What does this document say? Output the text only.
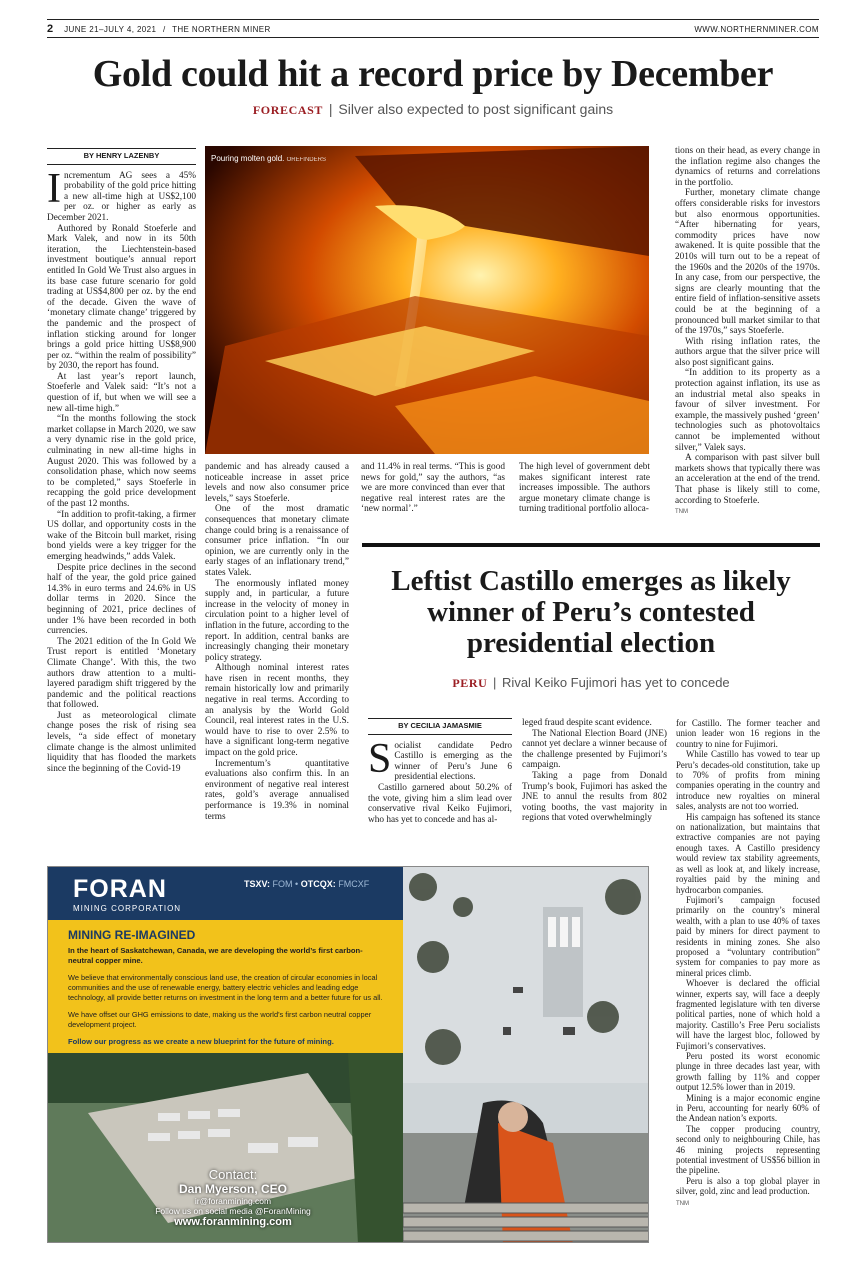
2 JUNE 21–JULY 4, 2021 / THE NORTHERN MINER	WWW.NORTHERNMINER.COM
Gold could hit a record price by December
FORECAST | Silver also expected to post significant gains
BY HENRY LAZENBY
I ncrementum AG sees a 45% probability of the gold price hitting a new all-time high at US$2,100 per oz. or higher as early as December 2021.

Authored by Ronald Stoeferle and Mark Valek, and now in its 50th iteration, the Liechtenstein-based investment boutique’s annual report entitled In Gold We Trust also argues in its base case future scenario for gold trading at US$4,800 per oz. by the end of the decade. Given the wave of ‘monetary climate change’ triggered by the pandemic and the prospect of inflation sticking around for longer brings a gold price hitting US$8,900 per oz. “within the realm of possibility” by 2030, the report has found.

At last year’s report launch, Stoeferle and Valek said: “It’s not a question of if, but when we will see a new all-time high.”

“In the months following the stock market collapse in March 2020, we saw a very dynamic rise in the gold price, culminating in new all-time highs in August 2020. This was followed by a consolidation phase, which now seems to be completed,” says Stoeferle in recapping the gold price development of the past 12 months.

“In addition to profit-taking, a firmer US dollar, and opportunity costs in the wake of the Bitcoin bull market, rising bond yields were a key trigger for the emerging headwinds,” adds Valek.

Despite price declines in the second half of the year, the gold price gained 14.3% in euro terms and 24.6% in US dollar terms in 2020. Since the beginning of 2021, price declines of under 1% have been recorded in both currencies.

The 2021 edition of the In Gold We Trust report is entitled ‘Monetary Climate Change’. With this, the two authors draw attention to a multi-layered paradigm shift triggered by the pandemic and the political reactions that followed.

Just as meteorological climate change poses the risk of rising sea levels, “a side effect of monetary climate change is the almost unlimited liquidity that has flooded the markets since the beginning of the Covid-19

Pouring molten gold. OREFINDERS

pandemic and has already caused a noticeable increase in asset price levels and now also consumer price levels,” says Stoeferle.

One of the most dramatic consequences that monetary climate change could bring is a renaissance of consumer price inflation. “In our opinion, we are currently only in the early stages of an inflationary trend,” states Valek.

The enormously inflated money supply and, in particular, a future increase in the velocity of money in circulation point to a higher level of inflation in the future, according to the report. In addition, central banks are increasingly changing their monetary policy strategy.

Although nominal interest rates have risen in recent months, they remain historically low and primarily negative in real terms. According to an analysis by the World Gold Council, real interest rates in the U.S. would have to rise to over 2.5% to have a significant long-term negative impact on the gold price.

Incrementum’s quantitative evaluations also confirm this. In an environment of negative real interest rates, gold’s average annualised performance is 19.3% in nominal terms

and 11.4% in real terms. “This is good news for gold,” say the authors, “as we are more convinced than ever that negative real interest rates are the ‘new normal’.”

The high level of government debt makes significant interest rate increases impossible. The authors argue monetary climate change is turning traditional portfolio alloca-

tions on their head, as every change in the inflation regime also changes the dynamics of returns and correlations in the portfolio.

Further, monetary climate change offers considerable risks for investors but also enormous opportunities. “After hibernating for years, commodity prices have now awakened. It is quite possible that the 2010s will turn out to be a repeat of the 1960s and the 2020s of the 1970s. In any case, from our perspective, the signs are clearly mounting that the entire field of inflation-sensitive assets could be at the beginning of a pronounced bull market similar to that of the 1970s,” says Stoeferle.

With rising inflation rates, the authors argue that the silver price will also post significant gains.

“In addition to its property as a protection against inflation, its use as an industrial metal also speaks in favour of silver investment. For example, the massively pushed ‘green’ technologies such as photovoltaics cannot be implemented without silver,” Valek says.

A comparison with past silver bull markets shows that typically there was an acceleration at the end of the trend. That phase is likely still to come, according to Stoeferle.

TNM
Leftist Castillo emerges as likely winner of Peru’s contested presidential election
PERU | Rival Keiko Fujimori has yet to concede
BY CECILIA JAMASMIE
S ocialist candidate Pedro Castillo is emerging as the winner of Peru’s June 6 presidential elections.

Castillo garnered about 50.2% of the vote, giving him a slim lead over conservative rival Keiko Fujimori, who has yet to concede and has al-

leged fraud despite scant evidence.

The National Election Board (JNE) cannot yet declare a winner because of the challenge presented by Fujimori’s campaign.

Taking a page from Donald Trump’s book, Fujimori has asked the JNE to annul the results from 802 voting booths, the vast majority in regions that voted overwhelmingly

for Castillo. The former teacher and union leader won 16 regions in the country to nine for Fujimori.

While Castillo has vowed to tear up Peru’s decades-old constitution, take up to 70% of profits from mining companies operating in the country and introduce new royalties on mineral sales, analysts are not too worried.

His campaign has softened its stance on nationalization, but maintains that extractive companies are not paying enough taxes. A Castillo presidency would review tax stability agreements, as well as look at, and likely increase, royalties paid by the mining and hydrocarbon companies.

Fujimori’s campaign focused primarily on the country’s mineral wealth, with a plan to use 40% of taxes paid by miners for direct payment to residents in mining zones. She also proposed a “voluntary contribution” system for companies to pay more as mineral prices climb.

Whoever is declared the official winner, experts say, will face a deeply fragmented legislature with ten diverse political parties, none of which hold a majority. Castillo’s Free Peru socialists will have the largest bloc, followed by Fujimori’s conservatives.

Peru posted its worst economic plunge in three decades last year, with growth falling by 11% and copper output 12.5% lower than in 2019.

Mining is a major economic engine in Peru, accounting for nearly 60% of the Andean nation’s exports.

The copper producing country, second only to neighbouring Chile, has 46 mining projects representing potential investment of US$56 billion in the pipeline.

Peru is also a top global player in silver, gold, zinc and lead production.

TNM
FORAN
MINING CORPORATION
TSXV: FOM • OTCQX: FMCXF
MINING RE-IMAGINED
In the heart of Saskatchewan, Canada, we are developing the world’s first carbon-neutral copper mine.
We believe that environmentally conscious land use, the creation of circular economies in local communities and the use of renewable energy, battery electric vehicles and leading edge technology, all provide better returns on investment in the long term and a better future for us all.
We have offset our GHG emissions to date, making us the world’s first carbon neutral copper development project.
Follow our progress as we create a new blueprint for the future of mining.
Contact:
Dan Myerson, CEO
ir@foranmining.com
Follow us on social media @ForanMining
www.foranmining.com
